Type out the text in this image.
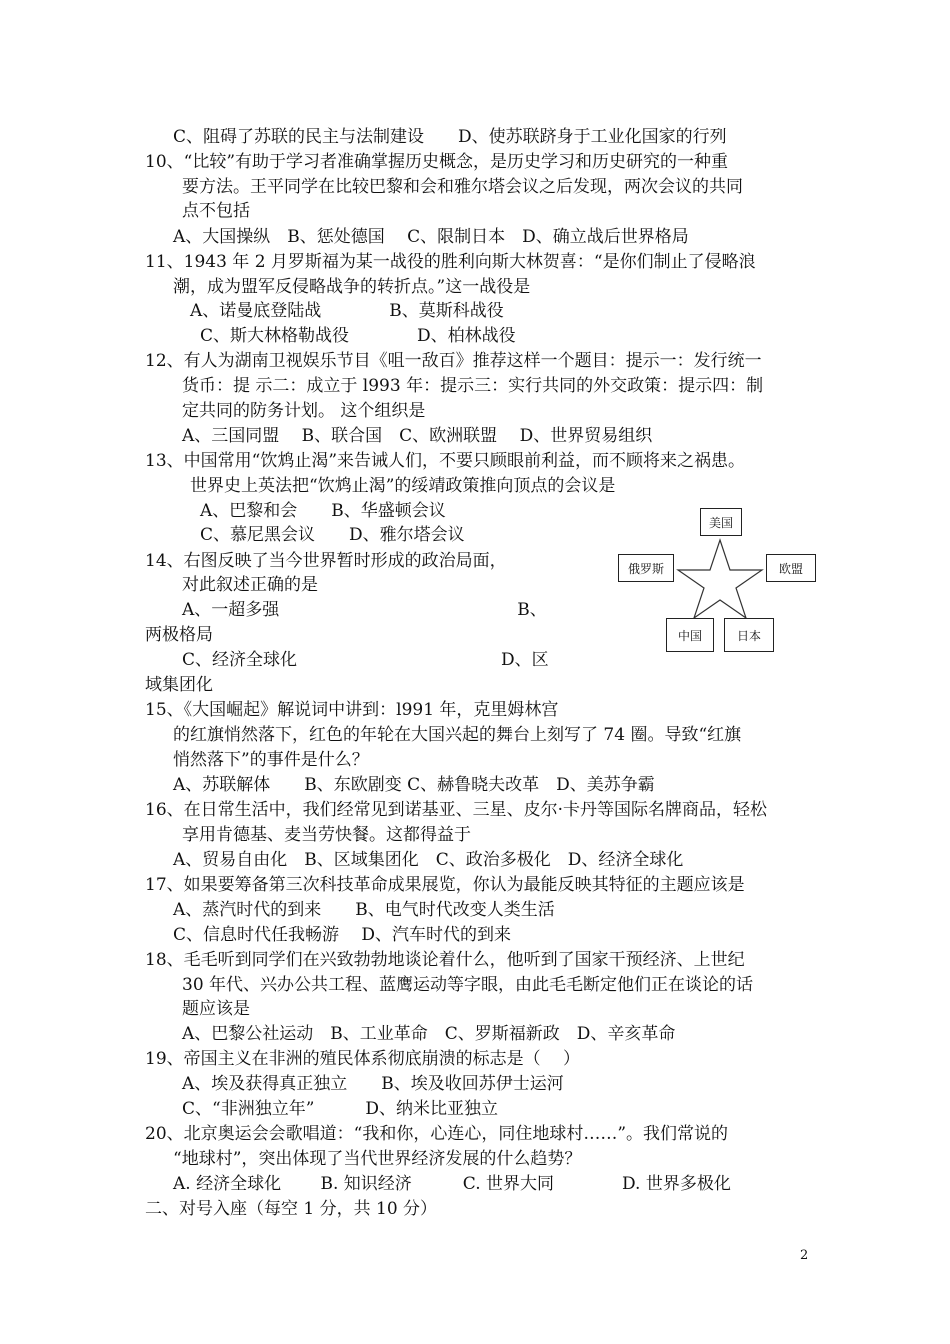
C、阻碍了苏联的民主与法制建设　　D、使苏联跻身于工业化国家的行列
10、“比较”有助于学习者准确掌握历史概念，是历史学习和历史研究的一种重
要方法。王平同学在比较巴黎和会和雅尔塔会议之后发现，两次会议的共同
点不包括
A、大国操纵　B、惩处德国　 C、限制日本　D、确立战后世界格局
11、1943 年 2 月罗斯福为某一战役的胜利向斯大林贺喜：“是你们制止了侵略浪
潮，成为盟军反侵略战争的转折点。”这一战役是
A、诺曼底登陆战　　　　B、莫斯科战役
C、斯大林格勒战役　　　　D、柏林战役
12、有人为湖南卫视娱乐节目《咀一敌百》推荐这样一个题目：提示一：发行统一
货币：提 示二：成立于 l993 年：提示三：实行共同的外交政策：提示四：制
定共同的防务计划。 这个组织是
A、三国同盟　 B、联合国　C、欧洲联盟　 D、世界贸易组织
13、中国常用“饮鸩止渴”来告诫人们，不要只顾眼前利益，而不顾将来之祸患。
世界史上英法把“饮鸩止渴”的绥靖政策推向顶点的会议是
A、巴黎和会　　B、华盛顿会议
C、慕尼黑会议　　D、雅尔塔会议
14、右图反映了当今世界暂时形成的政治局面，
对此叙述正确的是
A、一超多强　　　　　　　　　　　　　　B、
两极格局
C、经济全球化　　　　　　　　　　　　D、区
域集团化
15、《大国崛起》解说词中讲到：l991 年，克里姆林宫
的红旗悄然落下，红色的年轮在大国兴起的舞台上刻写了 74 圈。导致“红旗
悄然落下”的事件是什么？
A、苏联解体　　B、东欧剧变 C、赫鲁晓夫改革　D、美苏争霸
16、在日常生活中，我们经常见到诺基亚、三星、皮尔·卡丹等国际名牌商品，轻松
享用肯德基、麦当劳快餐。这都得益于
A、贸易自由化　B、区域集团化　C、政治多极化　D、经济全球化
17、如果要筹备第三次科技革命成果展览，你认为最能反映其特征的主题应该是
A、蒸汽时代的到来　　B、电气时代改变人类生活
C、信息时代任我畅游　 D、汽车时代的到来
18、毛毛听到同学们在兴致勃勃地谈论着什么，他听到了国家干预经济、上世纪
30 年代、兴办公共工程、蓝鹰运动等字眼，由此毛毛断定他们正在谈论的话
题应该是
A、巴黎公社运动　B、工业革命　C、罗斯福新政　D、辛亥革命
19、帝国主义在非洲的殖民体系彻底崩溃的标志是（　 ）
A、埃及获得真正独立　　B、埃及收回苏伊士运河
C、“非洲独立年”　　　D、纳米比亚独立
20、北京奥运会会歌唱道：“我和你，心连心，同住地球村……”。我们常说的
“地球村”，突出体现了当代世界经济发展的什么趋势？
A. 经济全球化　　 B. 知识经济　　　C. 世界大同　　　　D. 世界多极化
二、对号入座（每空 1 分，共 10 分）
美国
俄罗斯	欧盟
中国	日本
2
